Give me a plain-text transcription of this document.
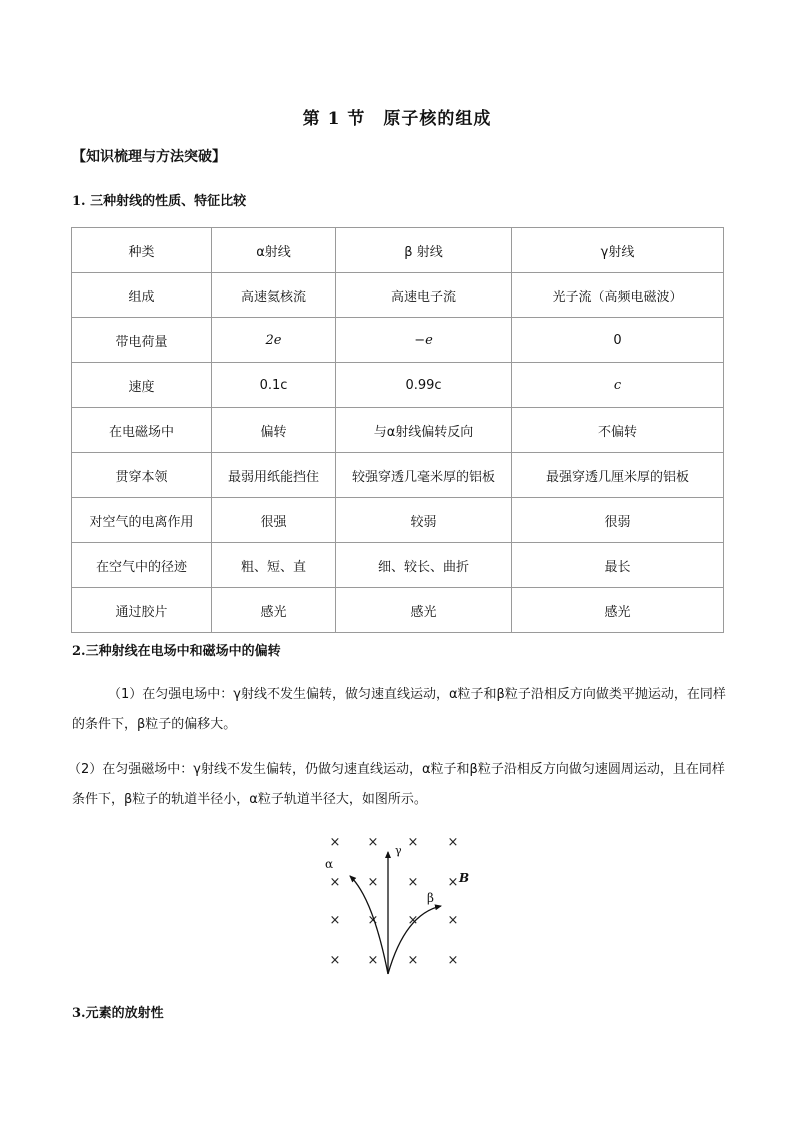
第 1 节　原子核的组成
【知识梳理与方法突破】
1. 三种射线的性质、特征比较
种类	α射线	β 射线	γ射线
组成	高速氦核流	高速电子流	光子流（高频电磁波）
带电荷量	2e	−e	0
速度	0.1c	0.99c	c
在电磁场中	偏转	与α射线偏转反向	不偏转
贯穿本领	最弱用纸能挡住	较强穿透几毫米厚的铝板	最强穿透几厘米厚的铝板
对空气的电离作用	很强	较弱	很弱
在空气中的径迹	粗、短、直	细、较长、曲折	最长
通过胶片	感光	感光	感光
2.三种射线在电场中和磁场中的偏转
（1）在匀强电场中：γ射线不发生偏转，做匀速直线运动，α粒子和β粒子沿相反方向做类平抛运动，在同样的条件下，β粒子的偏移大。
（2）在匀强磁场中：γ射线不发生偏转，仍做匀速直线运动，α粒子和β粒子沿相反方向做匀速圆周运动，且在同样条件下，β粒子的轨道半径小，α粒子轨道半径大，如图所示。
× × × ×
× × × ×
× × × ×
× × × ×
γ
α
β
B
3.元素的放射性
